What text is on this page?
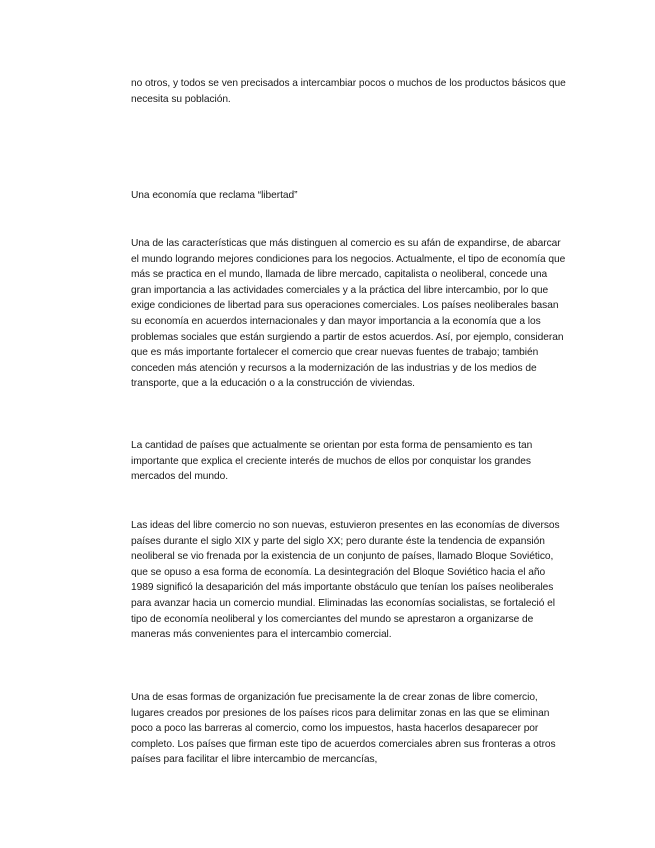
no otros, y todos se ven precisados a intercambiar pocos o muchos de los productos básicos que necesita su población.

Una economía que reclama “libertad”

Una de las características que más distinguen al comercio es su afán de expandirse, de abarcar el mundo logrando mejores condiciones para los negocios. Actualmente, el tipo de economía que más se practica en el mundo, llamada de libre mercado, capitalista o neoliberal, concede una gran importancia a las actividades comerciales y a la práctica del libre intercambio, por lo que exige condiciones de libertad para sus operaciones comerciales. Los países neoliberales basan su economía en acuerdos internacionales y dan mayor importancia a la economía que a los problemas sociales que están surgiendo a partir de estos acuerdos. Así, por ejemplo, consideran que es más importante fortalecer el comercio que crear nuevas fuentes de trabajo; también conceden más atención y recursos a la modernización de las industrias y de los medios de transporte, que a la educación o a la construcción de viviendas.

La cantidad de países que actualmente se orientan por esta forma de pensamiento es tan importante que explica el creciente interés de muchos de ellos por conquistar los grandes mercados del mundo.

Las ideas del libre comercio no son nuevas, estuvieron presentes en las economías de diversos países durante el siglo XIX y parte del siglo XX; pero durante éste la tendencia de expansión neoliberal se vio frenada por la existencia de un conjunto de países, llamado Bloque Soviético, que se opuso a esa forma de economía. La desintegración del Bloque Soviético hacia el año 1989 significó la desaparición del más importante obstáculo que tenían los países neoliberales para avanzar hacia un comercio mundial. Eliminadas las economías socialistas, se fortaleció el tipo de economía neoliberal y los comerciantes del mundo se aprestaron a organizarse de maneras más convenientes para el intercambio comercial.

Una de esas formas de organización fue precisamente la de crear zonas de libre comercio, lugares creados por presiones de los países ricos para delimitar zonas en las que se eliminan poco a poco las barreras al comercio, como los impuestos, hasta hacerlos desaparecer por completo. Los países que firman este tipo de acuerdos comerciales abren sus fronteras a otros países para facilitar el libre intercambio de mercancías,
